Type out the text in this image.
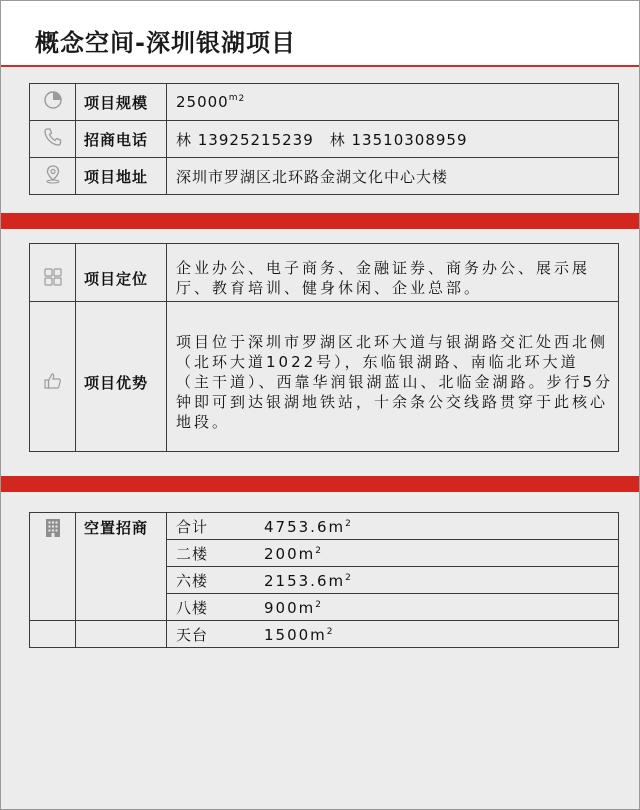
概念空间-深圳银湖项目
	项目规模	$25000^{m2}$
	招商电话	林 13925215239　林 13510308959
	项目地址	深圳市罗湖区北环路金湖文化中心大楼
	项目定位	企业办公、电子商务、金融证券、商务办公、展示展厅、教育培训、健身休闲、企业总部。
	项目优势	项目位于深圳市罗湖区北环大道与银湖路交汇处西北侧（北环大道1022号），东临银湖路、南临北环大道（主干道）、西靠华润银湖蓝山、北临金湖路。步行5分钟即可到达银湖地铁站，十余条公交线路贯穿于此核心地段。
	空置招商	合计 $4753.6m^2$
		二楼 $200m^2$
		六楼 $2153.6m^2$
		八楼 $900m^2$
		天台 $1500m^2$
